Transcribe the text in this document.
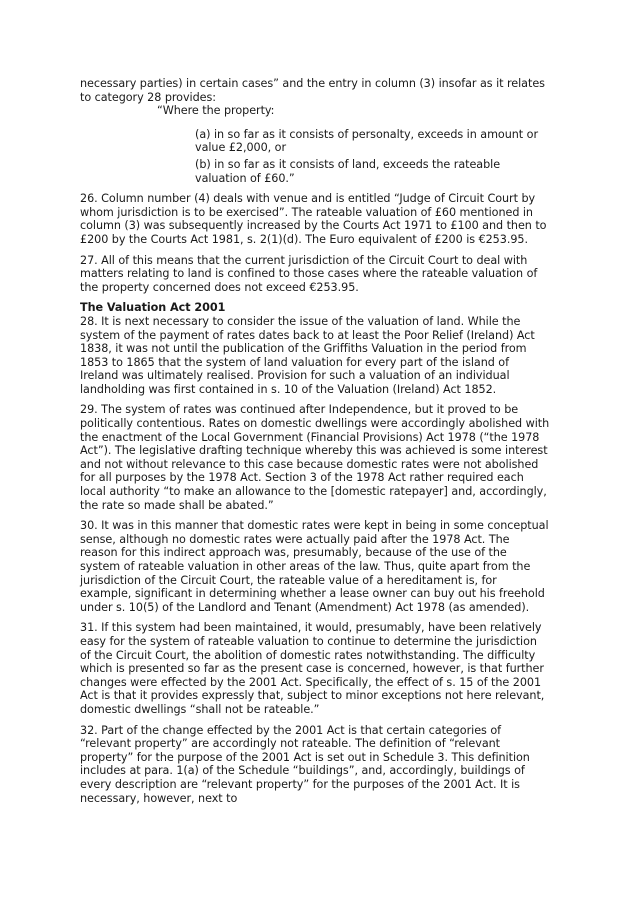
necessary parties) in certain cases” and the entry in column (3) insofar as it relates to category 28 provides:

“Where the property:

(a) in so far as it consists of personalty, exceeds in amount or value £2,000, or

(b) in so far as it consists of land, exceeds the rateable valuation of £60.”

26. Column number (4) deals with venue and is entitled “Judge of Circuit Court by whom jurisdiction is to be exercised”. The rateable valuation of £60 mentioned in column (3) was subsequently increased by the Courts Act 1971 to £100 and then to £200 by the Courts Act 1981, s. 2(1)(d). The Euro equivalent of £200 is €253.95.

27. All of this means that the current jurisdiction of the Circuit Court to deal with matters relating to land is confined to those cases where the rateable valuation of the property concerned does not exceed €253.95.

The Valuation Act 2001

28. It is next necessary to consider the issue of the valuation of land. While the system of the payment of rates dates back to at least the Poor Relief (Ireland) Act 1838, it was not until the publication of the Griffiths Valuation in the period from 1853 to 1865 that the system of land valuation for every part of the island of Ireland was ultimately realised. Provision for such a valuation of an individual landholding was first contained in s. 10 of the Valuation (Ireland) Act 1852.

29. The system of rates was continued after Independence, but it proved to be politically contentious. Rates on domestic dwellings were accordingly abolished with the enactment of the Local Government (Financial Provisions) Act 1978 (“the 1978 Act”). The legislative drafting technique whereby this was achieved is some interest and not without relevance to this case because domestic rates were not abolished for all purposes by the 1978 Act. Section 3 of the 1978 Act rather required each local authority “to make an allowance to the [domestic ratepayer] and, accordingly, the rate so made shall be abated.”

30. It was in this manner that domestic rates were kept in being in some conceptual sense, although no domestic rates were actually paid after the 1978 Act. The reason for this indirect approach was, presumably, because of the use of the system of rateable valuation in other areas of the law. Thus, quite apart from the jurisdiction of the Circuit Court, the rateable value of a hereditament is, for example, significant in determining whether a lease owner can buy out his freehold under s. 10(5) of the Landlord and Tenant (Amendment) Act 1978 (as amended).

31. If this system had been maintained, it would, presumably, have been relatively easy for the system of rateable valuation to continue to determine the jurisdiction of the Circuit Court, the abolition of domestic rates notwithstanding. The difficulty which is presented so far as the present case is concerned, however, is that further changes were effected by the 2001 Act. Specifically, the effect of s. 15 of the 2001 Act is that it provides expressly that, subject to minor exceptions not here relevant, domestic dwellings “shall not be rateable.”

32. Part of the change effected by the 2001 Act is that certain categories of “relevant property” are accordingly not rateable. The definition of “relevant property” for the purpose of the 2001 Act is set out in Schedule 3. This definition includes at para. 1(a) of the Schedule “buildings”, and, accordingly, buildings of every description are “relevant property” for the purposes of the 2001 Act. It is necessary, however, next to
